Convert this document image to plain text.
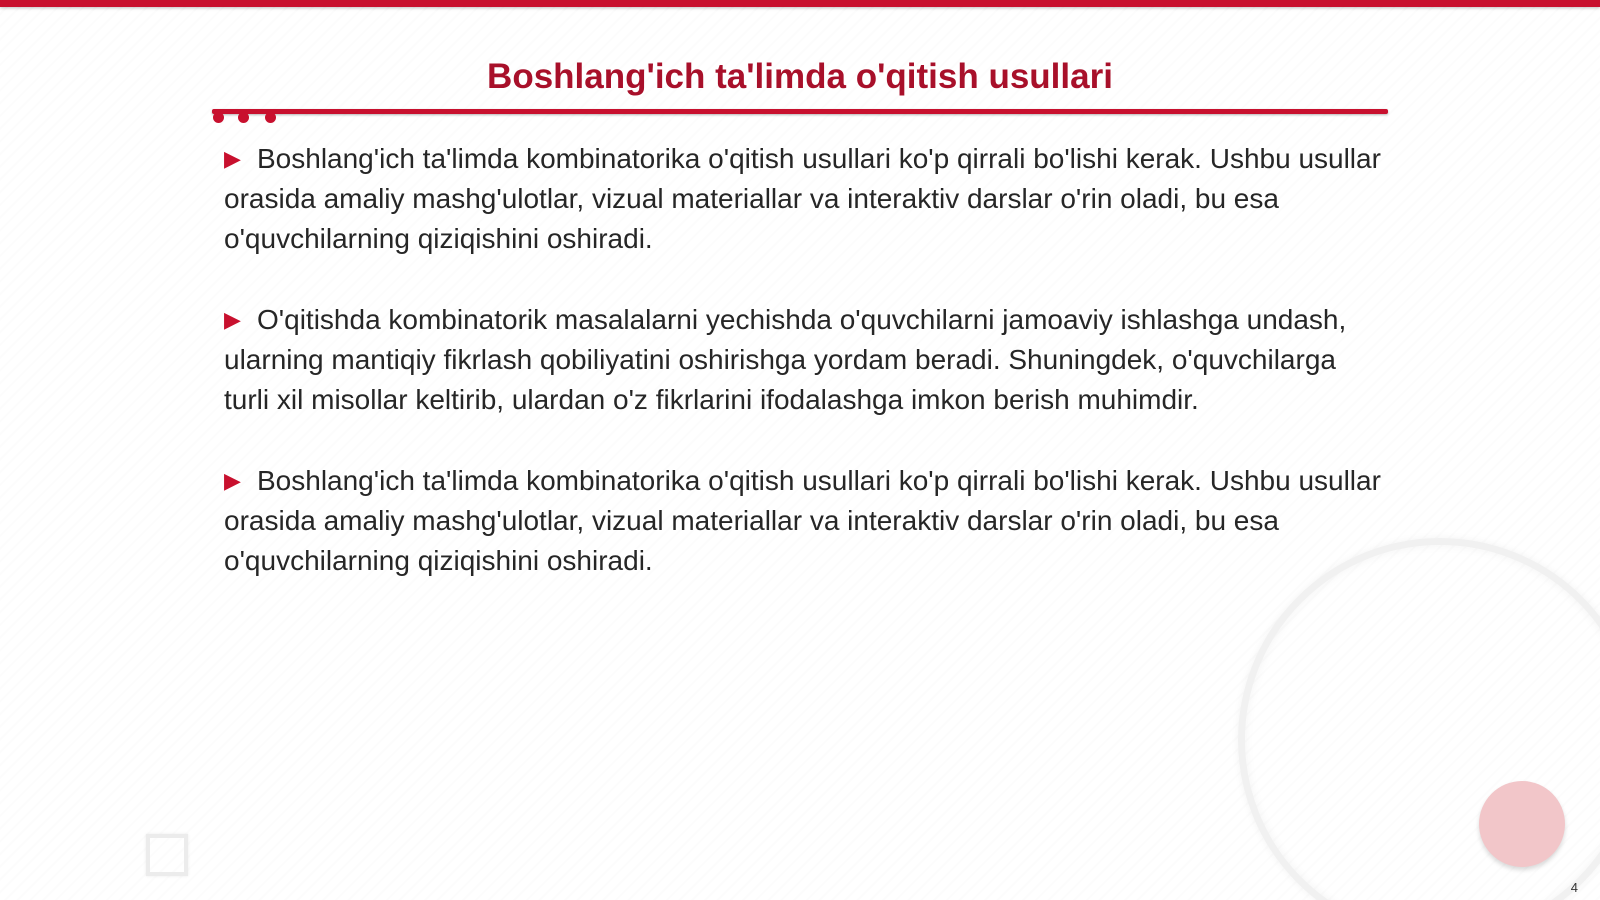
Boshlang'ich ta'limda o'qitish usullari

▶ Boshlang'ich ta'limda kombinatorika o'qitish usullari ko'p qirrali bo'lishi kerak. Ushbu usullar orasida amaliy mashg'ulotlar, vizual materiallar va interaktiv darslar o'rin oladi, bu esa o'quvchilarning qiziqishini oshiradi.

▶ O'qitishda kombinatorik masalalarni yechishda o'quvchilarni jamoaviy ishlashga undash, ularning mantiqiy fikrlash qobiliyatini oshirishga yordam beradi. Shuningdek, o'quvchilarga turli xil misollar keltirib, ulardan o'z fikrlarini ifodalashga imkon berish muhimdir.

▶ Boshlang'ich ta'limda kombinatorika o'qitish usullari ko'p qirrali bo'lishi kerak. Ushbu usullar orasida amaliy mashg'ulotlar, vizual materiallar va interaktiv darslar o'rin oladi, bu esa o'quvchilarning qiziqishini oshiradi.

4
